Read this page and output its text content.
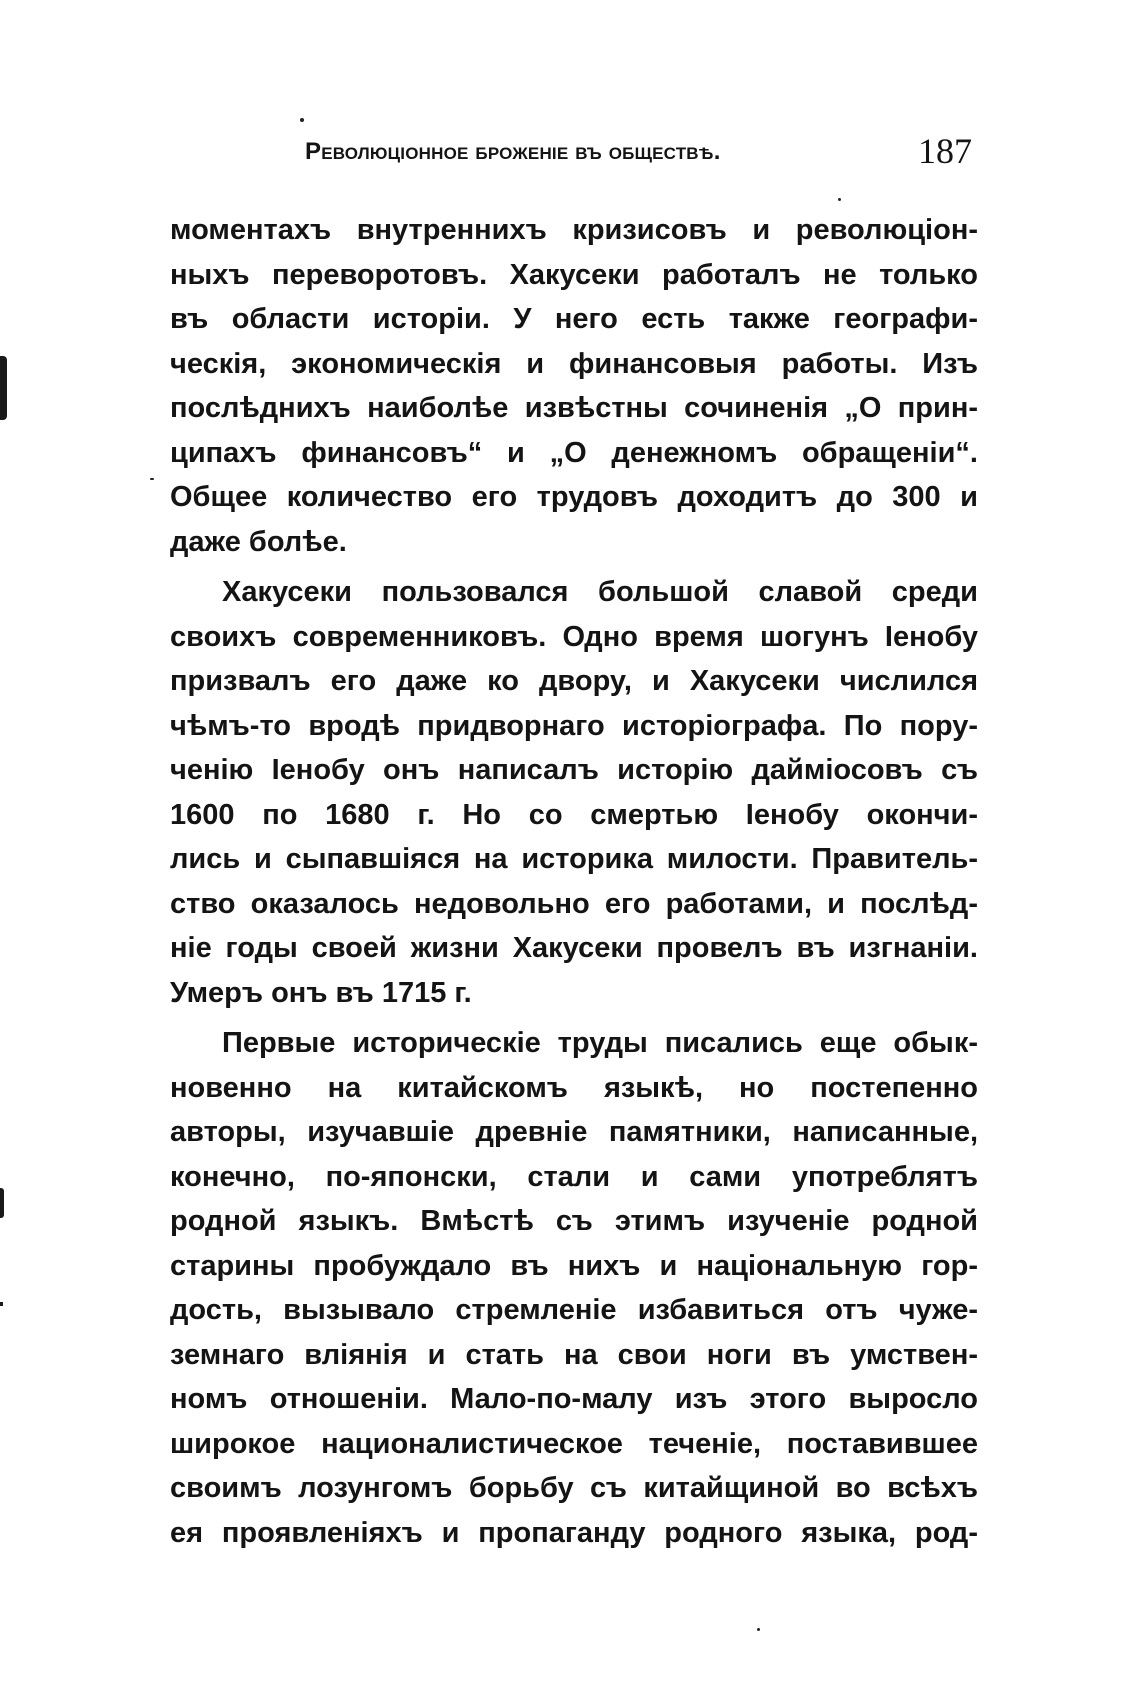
Революціонное броженіе въ обществѣ.	187
моментахъ внутреннихъ кризисовъ и революціон-
ныхъ переворотовъ. Хакусеки работалъ не только
въ области исторіи. У него есть также географи-
ческія, экономическія и финансовыя работы. Изъ
послѣднихъ наиболѣе извѣстны сочиненія „О прин-
ципахъ финансовъ“ и „О денежномъ обращеніи“.
Общее количество его трудовъ доходитъ до 300 и
даже болѣе.
Хакусеки пользовался большой славой среди
своихъ современниковъ. Одно время шогунъ Іенобу
призвалъ его даже ко двору, и Хакусеки числился
чѣмъ-то вродѣ придворнаго исторіографа. По пору-
ченію Іенобу онъ написалъ исторію даймiосовъ съ
1600 по 1680 г. Но со смертью Іенобу окончи-
лись и сыпавшіяся на историка милости. Правитель-
ство оказалось недовольно его работами, и послѣд-
ніе годы своей жизни Хакусеки провелъ въ изгнаніи.
Умеръ онъ въ 1715 г.
Первые историческіе труды писались еще обык-
новенно на китайскомъ языкѣ, но постепенно
авторы, изучавшіе древніе памятники, написанные,
конечно, по-японски, стали и сами употреблятъ
родной языкъ. Вмѣстѣ съ этимъ изученіе родной
старины пробуждало въ нихъ и національную гор-
дость, вызывало стремленіе избавиться отъ чуже-
земнаго вліянія и стать на свои ноги въ умствен-
номъ отношеніи. Мало-по-малу изъ этого выросло
широкое националистическое теченіе, поставившее
своимъ лозунгомъ борьбу съ китайщиной во всѣхъ
ея проявленіяхъ и пропаганду родного языка, род-
